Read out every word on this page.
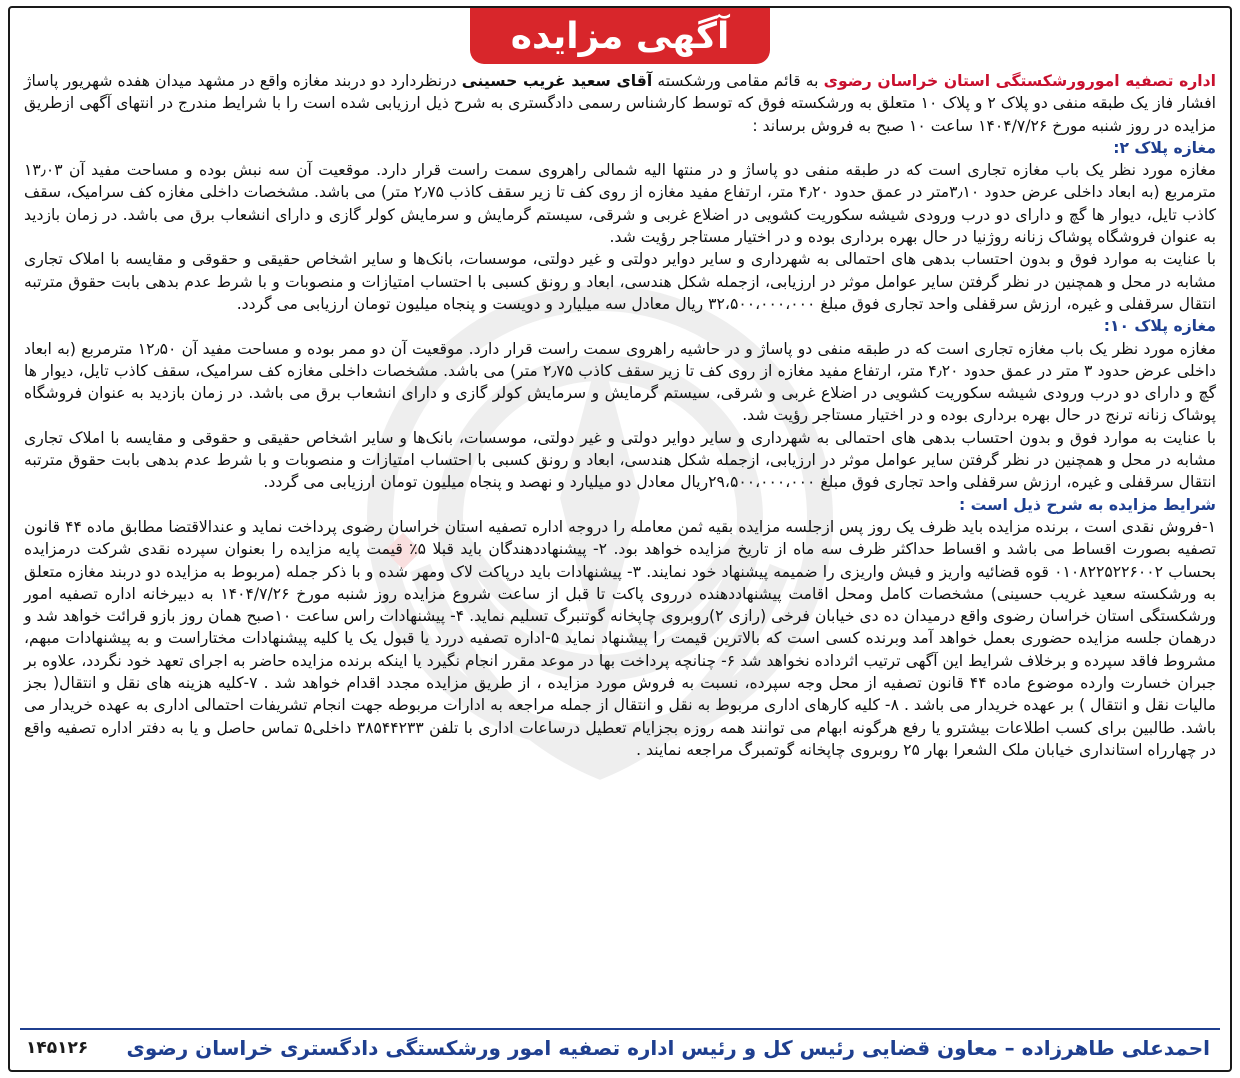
آگهی مزایده

اداره تصفیه امورورشکستگی استان خراسان رضوی به قائم مقامی ورشکسته آقای سعید غریب حسینی درنظردارد دو دربند مغازه واقع در مشهد میدان هفده شهریور پاساژ افشار فاز یک طبقه منفی دو پلاک ۲ و پلاک ۱۰ متعلق به ورشکسته فوق که توسط کارشناس رسمی دادگستری به شرح ذیل ارزیابی شده است را با شرایط مندرج در انتهای آگهی ازطریق مزایده در روز شنبه مورخ ۱۴۰۴/۷/۲۶ ساعت ۱۰ صبح به فروش برساند :

مغازه پلاک ۲:

مغازه مورد نظر یک باب مغازه تجاری است که در طبقه منفی دو پاساژ و در منتها الیه شمالی راهروی سمت راست قرار دارد. موقعیت آن سه نبش بوده و مساحت مفید آن ۱۳٫۰۳ مترمربع (به ابعاد داخلی عرض حدود ۳٫۱۰متر در عمق حدود ۴٫۲۰ متر، ارتفاع مفید مغازه از روی کف تا زیر سقف کاذب ۲٫۷۵ متر) می باشد. مشخصات داخلی مغازه کف سرامیک، سقف کاذب تایل، دیوار ها گچ و دارای دو درب ورودی شیشه سکوریت کشویی در اضلاع غربی و شرقی، سیستم گرمایش و سرمایش کولر گازی و دارای انشعاب برق می باشد. در زمان بازدید به عنوان فروشگاه پوشاک زنانه روژنیا در حال بهره برداری بوده و در اختیار مستاجر رؤیت شد.

با عنایت به موارد فوق و بدون احتساب بدهی های احتمالی به شهرداری و سایر دوایر دولتی و غیر دولتی، موسسات، بانک‌ها و سایر اشخاص حقیقی و حقوقی و مقایسه با املاک تجاری مشابه در محل و همچنین در نظر گرفتن سایر عوامل موثر در ارزیابی، ازجمله شکل هندسی، ابعاد و رونق کسبی با احتساب امتیازات و منصوبات و با شرط عدم بدهی بابت حقوق مترتبه انتقال سرقفلی و غیره، ارزش سرقفلی واحد تجاری فوق مبلغ ۳۲،۵۰۰،۰۰۰،۰۰۰ ریال معادل سه میلیارد و دویست و پنجاه میلیون تومان ارزیابی می گردد.

مغازه پلاک ۱۰:

مغازه مورد نظر یک باب مغازه تجاری است که در طبقه منفی دو پاساژ و در حاشیه راهروی سمت راست قرار دارد. موقعیت آن دو ممر بوده و مساحت مفید آن ۱۲٫۵۰ مترمربع (به ابعاد داخلی عرض حدود ۳ متر در عمق حدود ۴٫۲۰ متر، ارتفاع مفید مغازه از روی کف تا زیر سقف کاذب ۲٫۷۵ متر) می باشد. مشخصات داخلی مغازه کف سرامیک، سقف کاذب تایل، دیوار ها گچ و دارای دو درب ورودی شیشه سکوریت کشویی در اضلاع غربی و شرقی، سیستم گرمایش و سرمایش کولر گازی و دارای انشعاب برق می باشد. در زمان بازدید به عنوان فروشگاه پوشاک زنانه ترنج در حال بهره برداری بوده و در اختیار مستاجر رؤیت شد.

با عنایت به موارد فوق و بدون احتساب بدهی های احتمالی به شهرداری و سایر دوایر دولتی و غیر دولتی، موسسات، بانک‌ها و سایر اشخاص حقیقی و حقوقی و مقایسه با املاک تجاری مشابه در محل و همچنین در نظر گرفتن سایر عوامل موثر در ارزیابی، ازجمله شکل هندسی، ابعاد و رونق کسبی با احتساب امتیازات و منصوبات و با شرط عدم بدهی بابت حقوق مترتبه انتقال سرقفلی و غیره، ارزش سرقفلی واحد تجاری فوق مبلغ ۲۹،۵۰۰،۰۰۰،۰۰۰ریال معادل دو میلیارد و نهصد و پنجاه میلیون تومان ارزیابی می گردد.

شرایط مزایده به شرح ذیل است :

۱-فروش نقدی است ، برنده مزایده باید ظرف یک روز پس ازجلسه مزایده بقیه ثمن معامله را دروجه اداره تصفیه استان خراسان رضوی پرداخت نماید و عندالاقتضا مطابق ماده ۴۴ قانون تصفیه بصورت اقساط می باشد و اقساط حداکثر ظرف سه ماه از تاریخ مزایده خواهد بود. ۲- پیشنهاددهندگان باید قبلا ۵٪ قیمت پایه مزایده را بعنوان سپرده نقدی شرکت درمزایده بحساب ۰۱۰۸۲۲۵۲۲۶۰۰۲ قوه قضائیه واریز و فیش واریزی را ضمیمه پیشنهاد خود نمایند. ۳- پیشنهادات باید درپاکت لاک ومهر شده و با ذکر جمله (مربوط به مزایده دو دربند مغازه متعلق به ورشکسته سعید غریب حسینی) مشخصات کامل ومحل اقامت پیشنهاددهنده درروی پاکت تا قبل از ساعت شروع مزایده روز شنبه مورخ ۱۴۰۴/۷/۲۶ به دبیرخانه اداره تصفیه امور ورشکستگی استان خراسان رضوی واقع درمیدان ده دی خیابان فرخی (رازی ۲)روبروی چاپخانه گوتنبرگ تسلیم نماید. ۴- پیشنهادات راس ساعت ۱۰صبح همان روز بازو قرائت خواهد شد و درهمان جلسه مزایده حضوری بعمل خواهد آمد وبرنده کسی است که بالاترین قیمت را پیشنهاد نماید ۵-اداره تصفیه دررد یا قبول یک یا کلیه پیشنهادات مختاراست و به پیشنهادات مبهم، مشروط فاقد سپرده و برخلاف شرایط این آگهی ترتیب اثرداده نخواهد شد ۶- چنانچه پرداخت بها در موعد مقرر انجام نگیرد یا اینکه برنده مزایده حاضر به اجرای تعهد خود نگردد، علاوه بر جبران خسارت وارده موضوع ماده ۴۴ قانون تصفیه از محل وجه سپرده، نسبت به فروش مورد مزایده ، از طریق مزایده مجدد اقدام خواهد شد . ۷-کلیه هزینه های نقل و انتقال( بجز مالیات نقل و انتقال ) بر عهده خریدار می باشد . ۸- کلیه کارهای اداری مربوط به نقل و انتقال از جمله مراجعه به ادارات مربوطه جهت انجام تشریفات احتمالی اداری به عهده خریدار می باشد. طالبین برای کسب اطلاعات بیشترو یا رفع هرگونه ابهام می توانند همه روزه بجزایام تعطیل درساعات اداری با تلفن ۳۸۵۴۴۲۳۳ داخلی۵ تماس حاصل و یا به دفتر اداره تصفیه واقع در چهارراه استانداری خیابان ملک الشعرا بهار ۲۵ روبروی چاپخانه گوتمبرگ مراجعه نمایند .

احمدعلی طاهرزاده – معاون قضایی رئیس کل و رئیس اداره تصفیه امور ورشکستگی دادگستری خراسان رضوی
۱۴۵۱۲۶
